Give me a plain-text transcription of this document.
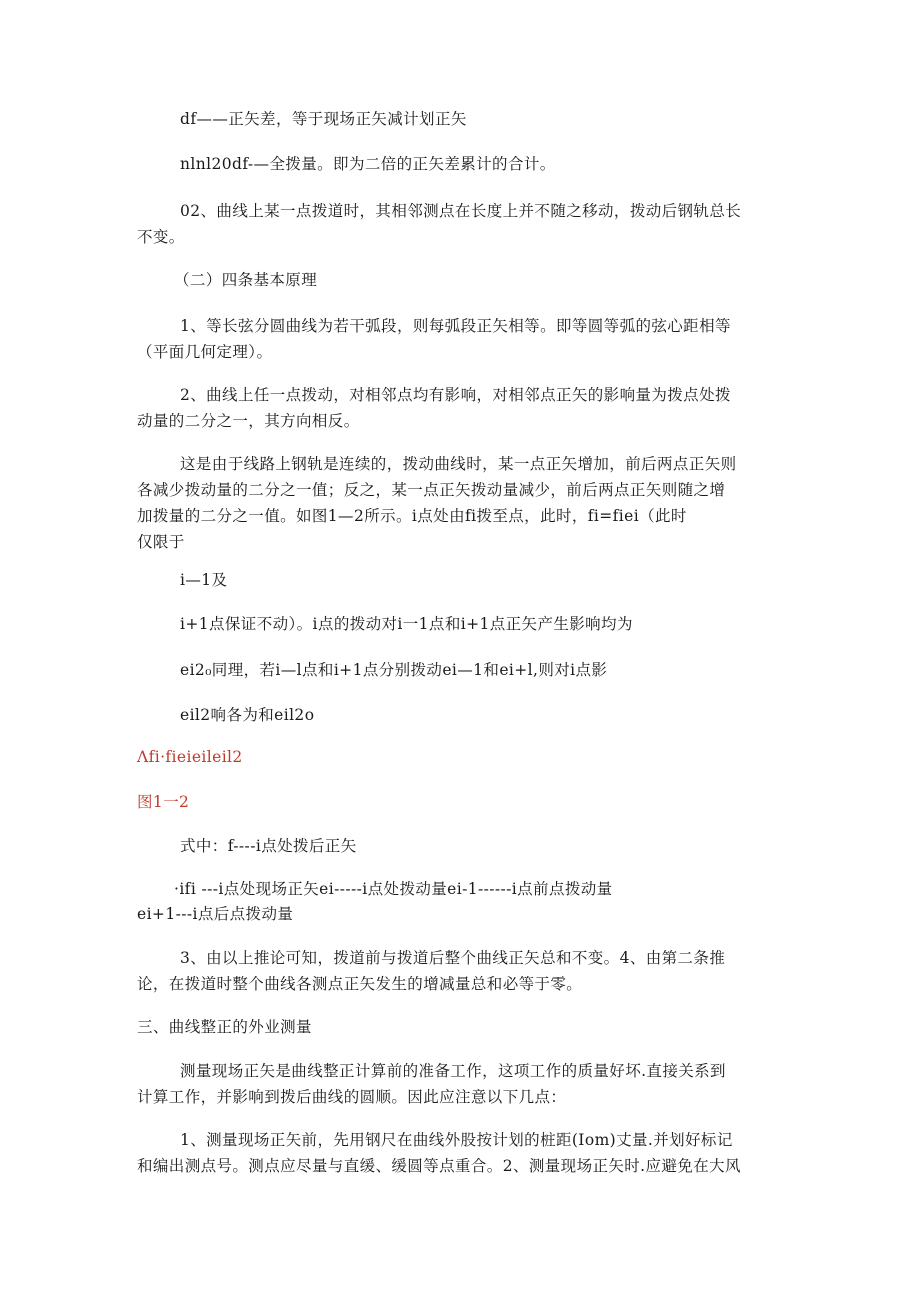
df——正矢差，等于现场正矢减计划正矢
nlnl20df-—全拨量。即为二倍的正矢差累计的合计。
02、曲线上某一点拨道时，其相邻测点在长度上并不随之移动，拨动后钢轨总长
不变。
（二）四条基本原理
1、等长弦分圆曲线为若干弧段，则每弧段正矢相等。即等圆等弧的弦心距相等
（平面几何定理）。
2、曲线上任一点拨动，对相邻点均有影响，对相邻点正矢的影响量为拨点处拨
动量的二分之一，其方向相反。
这是由于线路上钢轨是连续的，拨动曲线时，某一点正矢增加，前后两点正矢则
各减少拨动量的二分之一值；反之，某一点正矢拨动量减少，前后两点正矢则随之增
加拨量的二分之一值。如图1—2所示。i点处由fi拨至点，此时，fi=fiei（此时
仅限于
i—1及
i+1点保证不动）。i点的拨动对i一1点和i+1点正矢产生影响均为
ei2₀同理，若i—l点和i+1点分别拨动ei—1和ei+l,则对i点影
eil2响各为和eil2o
Λfi·fieieileil2
图1一2
式中：f----i点处拨后正矢
·ifi ---i点处现场正矢ei-----i点处拨动量ei-1------i点前点拨动量
ei+1---i点后点拨动量
3、由以上推论可知，拨道前与拨道后整个曲线正矢总和不变。4、由第二条推
论，在拨道时整个曲线各测点正矢发生的增减量总和必等于零。
三、曲线整正的外业测量
测量现场正矢是曲线整正计算前的准备工作，这项工作的质量好坏.直接关系到
计算工作，并影响到拨后曲线的圆顺。因此应注意以下几点：
1、测量现场正矢前，先用钢尺在曲线外股按计划的桩距(Iom)丈量.并划好标记
和编出测点号。测点应尽量与直缓、缓圆等点重合。2、测量现场正矢时.应避免在大风
